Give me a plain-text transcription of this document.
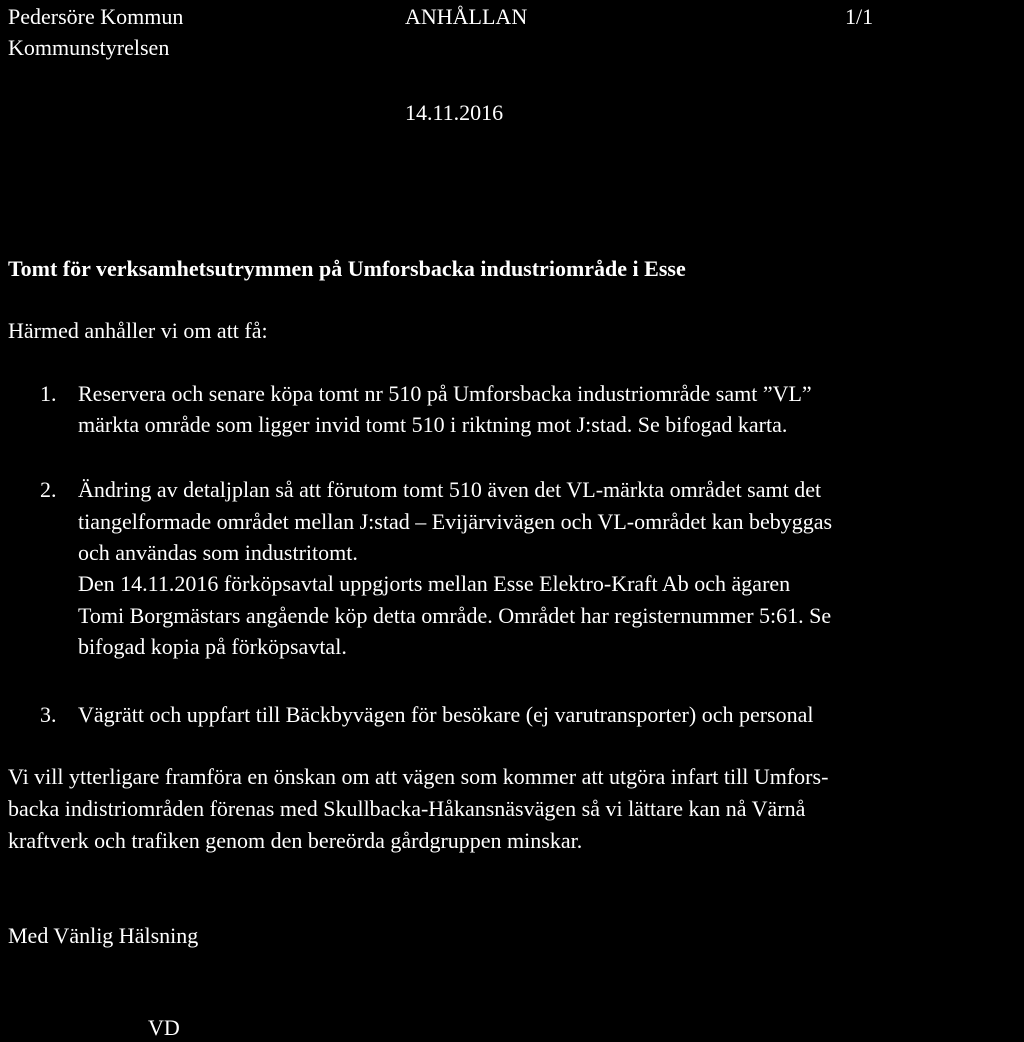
Pedersöre Kommun
Kommunstyrelsen
ANHÅLLAN	1/1
14.11.2016
Tomt för verksamhetsutrymmen på Umforsbacka industriområde i Esse
Härmed anhåller vi om att få:
1. Reservera och senare köpa tomt nr 510 på Umforsbacka industriområde samt ”VL”
märkta område som ligger invid tomt 510 i riktning mot J:stad. Se bifogad karta.
2. Ändring av detaljplan så att förutom tomt 510 även det VL-märkta området samt det
tiangelformade området mellan J:stad – Evijärvivägen och VL-området kan bebyggas
och användas som industritomt.
Den 14.11.2016 förköpsavtal uppgjorts mellan Esse Elektro-Kraft Ab och ägaren
Tomi Borgmästars angående köp detta område. Området har registernummer 5:61. Se
bifogad kopia på förköpsavtal.
3. Vägrätt och uppfart till Bäckbyvägen för besökare (ej varutransporter) och personal
Vi vill ytterligare framföra en önskan om att vägen som kommer att utgöra infart till Umfors-
backa indistriområden förenas med Skullbacka-Håkansnäsvägen så vi lättare kan nå Värnå
kraftverk och trafiken genom den bereörda gårdgruppen minskar.
Med Vänlig Hälsning
VD
